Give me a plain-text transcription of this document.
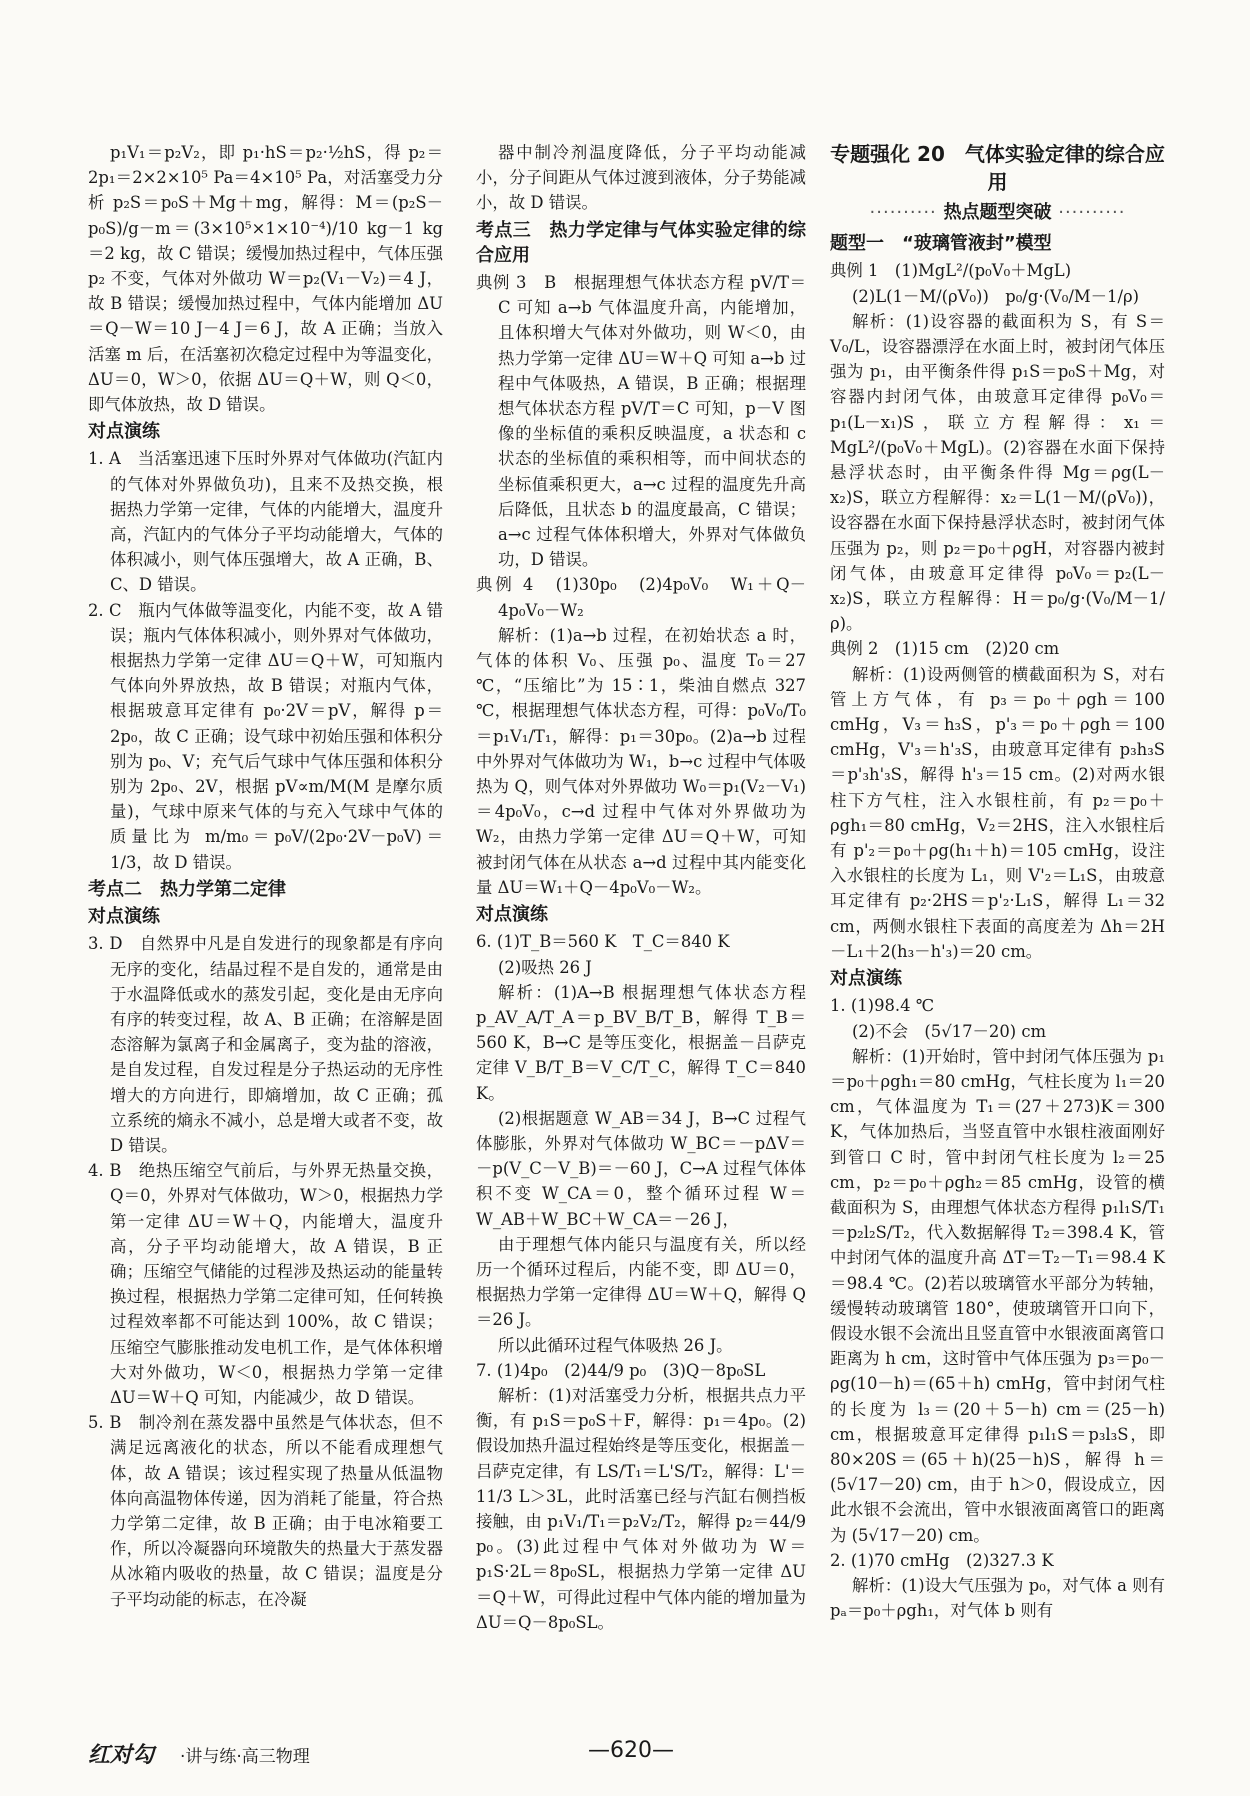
p₁V₁＝p₂V₂，即 p₁·hS＝p₂·½hS，得 p₂＝2p₁＝2×2×10⁵ Pa＝4×10⁵ Pa，对活塞受力分析 p₂S＝p₀S＋Mg＋mg，解得：M＝(p₂S－p₀S)/g－m＝(3×10⁵×1×10⁻⁴)/10 kg－1 kg＝2 kg，故 C 错误；缓慢加热过程中，气体压强 p₂ 不变，气体对外做功 W＝p₂(V₁－V₂)＝4 J，故 B 错误；缓慢加热过程中，气体内能增加 ΔU＝Q－W＝10 J－4 J＝6 J，故 A 正确；当放入活塞 m 后，在活塞初次稳定过程中为等温变化，ΔU＝0，W＞0，依据 ΔU＝Q＋W，则 Q＜0，即气体放热，故 D 错误。

对点演练

1. A　当活塞迅速下压时外界对气体做功(汽缸内的气体对外界做负功)，且来不及热交换，根据热力学第一定律，气体的内能增大，温度升高，汽缸内的气体分子平均动能增大，气体的体积减小，则气体压强增大，故 A 正确，B、C、D 错误。

2. C　瓶内气体做等温变化，内能不变，故 A 错误；瓶内气体体积减小，则外界对气体做功，根据热力学第一定律 ΔU＝Q＋W，可知瓶内气体向外界放热，故 B 错误；对瓶内气体，根据玻意耳定律有 p₀·2V＝pV，解得 p＝2p₀，故 C 正确；设气球中初始压强和体积分别为 p₀、V；充气后气球中气体压强和体积分别为 2p₀、2V，根据 pV∝m/M(M 是摩尔质量)，气球中原来气体的与充入气球中气体的质量比为 m/m₀＝p₀V/(2p₀·2V－p₀V)＝1/3，故 D 错误。

考点二　热力学第二定律

对点演练

3. D　自然界中凡是自发进行的现象都是有序向无序的变化，结晶过程不是自发的，通常是由于水温降低或水的蒸发引起，变化是由无序向有序的转变过程，故 A、B 正确；在溶解是固态溶解为氯离子和金属离子，变为盐的溶液，是自发过程，自发过程是分子热运动的无序性增大的方向进行，即熵增加，故 C 正确；孤立系统的熵永不减小，总是增大或者不变，故 D 错误。

4. B　绝热压缩空气前后，与外界无热量交换，Q＝0，外界对气体做功，W＞0，根据热力学第一定律 ΔU＝W＋Q，内能增大，温度升高，分子平均动能增大，故 A 错误，B 正确；压缩空气储能的过程涉及热运动的能量转换过程，根据热力学第二定律可知，任何转换过程效率都不可能达到 100%，故 C 错误；压缩空气膨胀推动发电机工作，是气体体积增大对外做功，W＜0，根据热力学第一定律 ΔU＝W＋Q 可知，内能减少，故 D 错误。

5. B　制冷剂在蒸发器中虽然是气体状态，但不满足远离液化的状态，所以不能看成理想气体，故 A 错误；该过程实现了热量从低温物体向高温物体传递，因为消耗了能量，符合热力学第二定律，故 B 正确；由于电冰箱要工作，所以冷凝器向环境散失的热量大于蒸发器从冰箱内吸收的热量，故 C 错误；温度是分子平均动能的标志，在冷凝

器中制冷剂温度降低，分子平均动能减小，分子间距从气体过渡到液体，分子势能减小，故 D 错误。

考点三　热力学定律与气体实验定律的综合应用

典例 3　B　根据理想气体状态方程 pV/T＝C 可知 a→b 气体温度升高，内能增加，且体积增大气体对外做功，则 W＜0，由热力学第一定律 ΔU＝W＋Q 可知 a→b 过程中气体吸热，A 错误，B 正确；根据理想气体状态方程 pV/T＝C 可知，p－V 图像的坐标值的乘积反映温度，a 状态和 c 状态的坐标值的乘积相等，而中间状态的坐标值乘积更大，a→c 过程的温度先升高后降低，且状态 b 的温度最高，C 错误；a→c 过程气体体积增大，外界对气体做负功，D 错误。

典例 4　(1)30p₀　(2)4p₀V₀　W₁＋Q－4p₀V₀－W₂

解析：(1)a→b 过程，在初始状态 a 时，气体的体积 V₀、压强 p₀、温度 T₀＝27 ℃，“压缩比”为 15∶1，柴油自燃点 327 ℃，根据理想气体状态方程，可得：p₀V₀/T₀＝p₁V₁/T₁，解得：p₁＝30p₀。(2)a→b 过程中外界对气体做功为 W₁，b→c 过程中气体吸热为 Q，则气体对外界做功 W₀＝p₁(V₂－V₁)＝4p₀V₀，c→d 过程中气体对外界做功为 W₂，由热力学第一定律 ΔU＝Q＋W，可知被封闭气体在从状态 a→d 过程中其内能变化量 ΔU＝W₁＋Q－4p₀V₀－W₂。

对点演练

6. (1)T_B＝560 K　T_C＝840 K

(2)吸热 26 J

解析：(1)A→B 根据理想气体状态方程 p_AV_A/T_A＝p_BV_B/T_B，解得 T_B＝560 K，B→C 是等压变化，根据盖－吕萨克定律 V_B/T_B＝V_C/T_C，解得 T_C＝840 K。

(2)根据题意 W_AB＝34 J，B→C 过程气体膨胀，外界对气体做功 W_BC＝－pΔV＝－p(V_C－V_B)＝－60 J，C→A 过程气体体积不变 W_CA＝0，整个循环过程 W＝W_AB＋W_BC＋W_CA＝－26 J，

由于理想气体内能只与温度有关，所以经历一个循环过程后，内能不变，即 ΔU＝0，根据热力学第一定律得 ΔU＝W＋Q，解得 Q＝26 J。

所以此循环过程气体吸热 26 J。

7. (1)4p₀　(2)44/9 p₀　(3)Q－8p₀SL

解析：(1)对活塞受力分析，根据共点力平衡，有 p₁S＝p₀S＋F，解得：p₁＝4p₀。(2)假设加热升温过程始终是等压变化，根据盖－吕萨克定律，有 LS/T₁＝L'S/T₂，解得：L'＝11/3 L＞3L，此时活塞已经与汽缸右侧挡板接触，由 p₁V₁/T₁＝p₂V₂/T₂，解得 p₂＝44/9 p₀。(3)此过程中气体对外做功为 W＝p₁S·2L＝8p₀SL，根据热力学第一定律 ΔU＝Q＋W，可得此过程中气体内能的增加量为 ΔU＝Q－8p₀SL。

专题强化 20　气体实验定律的综合应用

·········· 热点题型突破 ··········

题型一　“玻璃管液封”模型

典例 1　(1)MgL²/(p₀V₀＋MgL)

(2)L(1－M/(ρV₀))　p₀/g·(V₀/M－1/ρ)

解析：(1)设容器的截面积为 S，有 S＝V₀/L，设容器漂浮在水面上时，被封闭气体压强为 p₁，由平衡条件得 p₁S＝p₀S＋Mg，对容器内封闭气体，由玻意耳定律得 p₀V₀＝p₁(L－x₁)S，联立方程解得：x₁＝MgL²/(p₀V₀＋MgL)。(2)容器在水面下保持悬浮状态时，由平衡条件得 Mg＝ρg(L－x₂)S，联立方程解得：x₂＝L(1－M/(ρV₀))，设容器在水面下保持悬浮状态时，被封闭气体压强为 p₂，则 p₂＝p₀＋ρgH，对容器内被封闭气体，由玻意耳定律得 p₀V₀＝p₂(L－x₂)S，联立方程解得：H＝p₀/g·(V₀/M－1/ρ)。

典例 2　(1)15 cm　(2)20 cm

解析：(1)设两侧管的横截面积为 S，对右管上方气体，有 p₃＝p₀＋ρgh＝100 cmHg，V₃＝h₃S，p'₃＝p₀＋ρgh＝100 cmHg，V'₃＝h'₃S，由玻意耳定律有 p₃h₃S＝p'₃h'₃S，解得 h'₃＝15 cm。(2)对两水银柱下方气柱，注入水银柱前，有 p₂＝p₀＋ρgh₁＝80 cmHg，V₂＝2HS，注入水银柱后有 p'₂＝p₀＋ρg(h₁＋h)＝105 cmHg，设注入水银柱的长度为 L₁，则 V'₂＝L₁S，由玻意耳定律有 p₂·2HS＝p'₂·L₁S，解得 L₁＝32 cm，两侧水银柱下表面的高度差为 Δh＝2H－L₁＋2(h₃－h'₃)＝20 cm。

对点演练

1. (1)98.4 ℃

(2)不会　(5√17－20) cm

解析：(1)开始时，管中封闭气体压强为 p₁＝p₀＋ρgh₁＝80 cmHg，气柱长度为 l₁＝20 cm，气体温度为 T₁＝(27＋273)K＝300 K，气体加热后，当竖直管中水银柱液面刚好到管口 C 时，管中封闭气柱长度为 l₂＝25 cm，p₂＝p₀＋ρgh₂＝85 cmHg，设管的横截面积为 S，由理想气体状态方程得 p₁l₁S/T₁＝p₂l₂S/T₂，代入数据解得 T₂＝398.4 K，管中封闭气体的温度升高 ΔT＝T₂－T₁＝98.4 K＝98.4 ℃。(2)若以玻璃管水平部分为转轴，缓慢转动玻璃管 180°，使玻璃管开口向下，假设水银不会流出且竖直管中水银液面离管口距离为 h cm，这时管中气体压强为 p₃＝p₀－ρg(10－h)＝(65＋h) cmHg，管中封闭气柱的长度为 l₃＝(20＋5－h) cm＝(25－h) cm，根据玻意耳定律得 p₁l₁S＝p₃l₃S，即 80×20S＝(65＋h)(25－h)S，解得 h＝(5√17－20) cm，由于 h＞0，假设成立，因此水银不会流出，管中水银液面离管口的距离为 (5√17－20) cm。

2. (1)70 cmHg　(2)327.3 K

解析：(1)设大气压强为 p₀，对气体 a 则有 pₐ＝p₀＋ρgh₁，对气体 b 则有

红对勾 ·讲与练·高三物理	—620—
